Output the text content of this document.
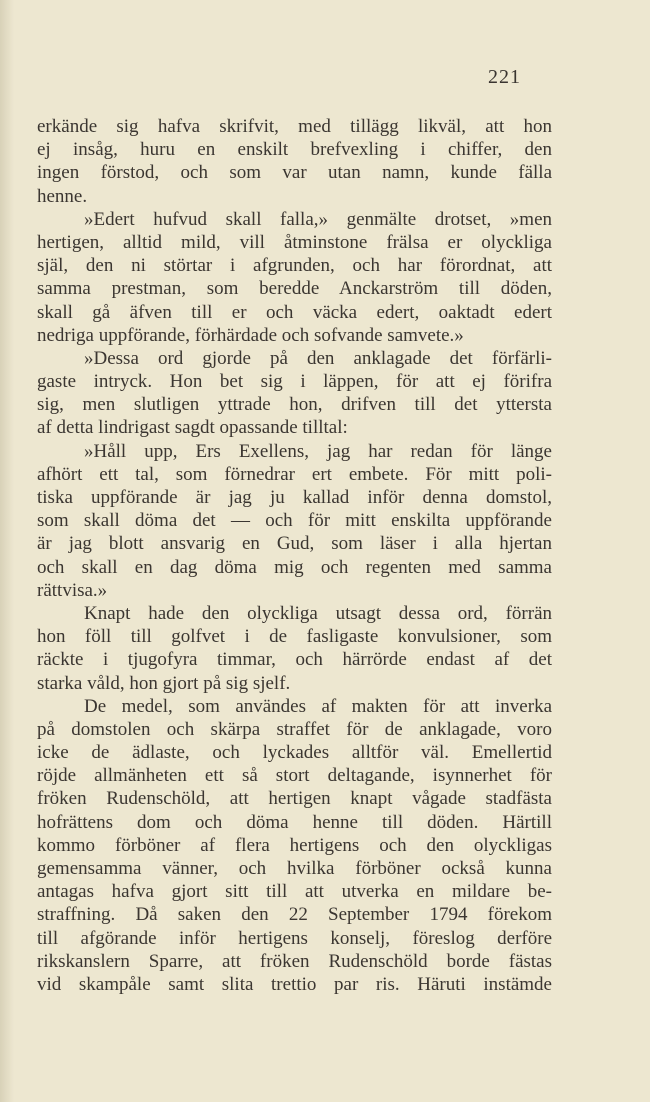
221
erkände sig hafva skrifvit, med tillägg likväl, att hon
ej insåg, huru en enskilt brefvexling i chiffer, den
ingen förstod, och som var utan namn, kunde fälla
henne.
»Edert hufvud skall falla,» genmälte drotset, »men
hertigen, alltid mild, vill åtminstone frälsa er olyckliga
själ, den ni störtar i afgrunden, och har förordnat, att
samma prestman, som beredde Anckarström till döden,
skall gå äfven till er och väcka edert, oaktadt edert
nedriga uppförande, förhärdade och sofvande samvete.»
»Dessa ord gjorde på den anklagade det förfärli-
gaste intryck. Hon bet sig i läppen, för att ej förifra
sig, men slutligen yttrade hon, drifven till det yttersta
af detta lindrigast sagdt opassande tilltal:
»Håll upp, Ers Exellens, jag har redan för länge
afhört ett tal, som förnedrar ert embete. För mitt poli-
tiska uppförande är jag ju kallad inför denna domstol,
som skall döma det — och för mitt enskilta uppförande
är jag blott ansvarig en Gud, som läser i alla hjertan
och skall en dag döma mig och regenten med samma
rättvisa.»
Knapt hade den olyckliga utsagt dessa ord, förrän
hon föll till golfvet i de fasligaste konvulsioner, som
räckte i tjugofyra timmar, och härrörde endast af det
starka våld, hon gjort på sig sjelf.
De medel, som användes af makten för att inverka
på domstolen och skärpa straffet för de anklagade, voro
icke de ädlaste, och lyckades alltför väl. Emellertid
röjde allmänheten ett så stort deltagande, isynnerhet för
fröken Rudenschöld, att hertigen knapt vågade stadfästa
hofrättens dom och döma henne till döden. Härtill
kommo förböner af flera hertigens och den olyckligas
gemensamma vänner, och hvilka förböner också kunna
antagas hafva gjort sitt till att utverka en mildare be-
straffning. Då saken den 22 September 1794 förekom
till afgörande inför hertigens konselj, föreslog derföre
rikskanslern Sparre, att fröken Rudenschöld borde fästas
vid skampåle samt slita trettio par ris. Häruti instämde
